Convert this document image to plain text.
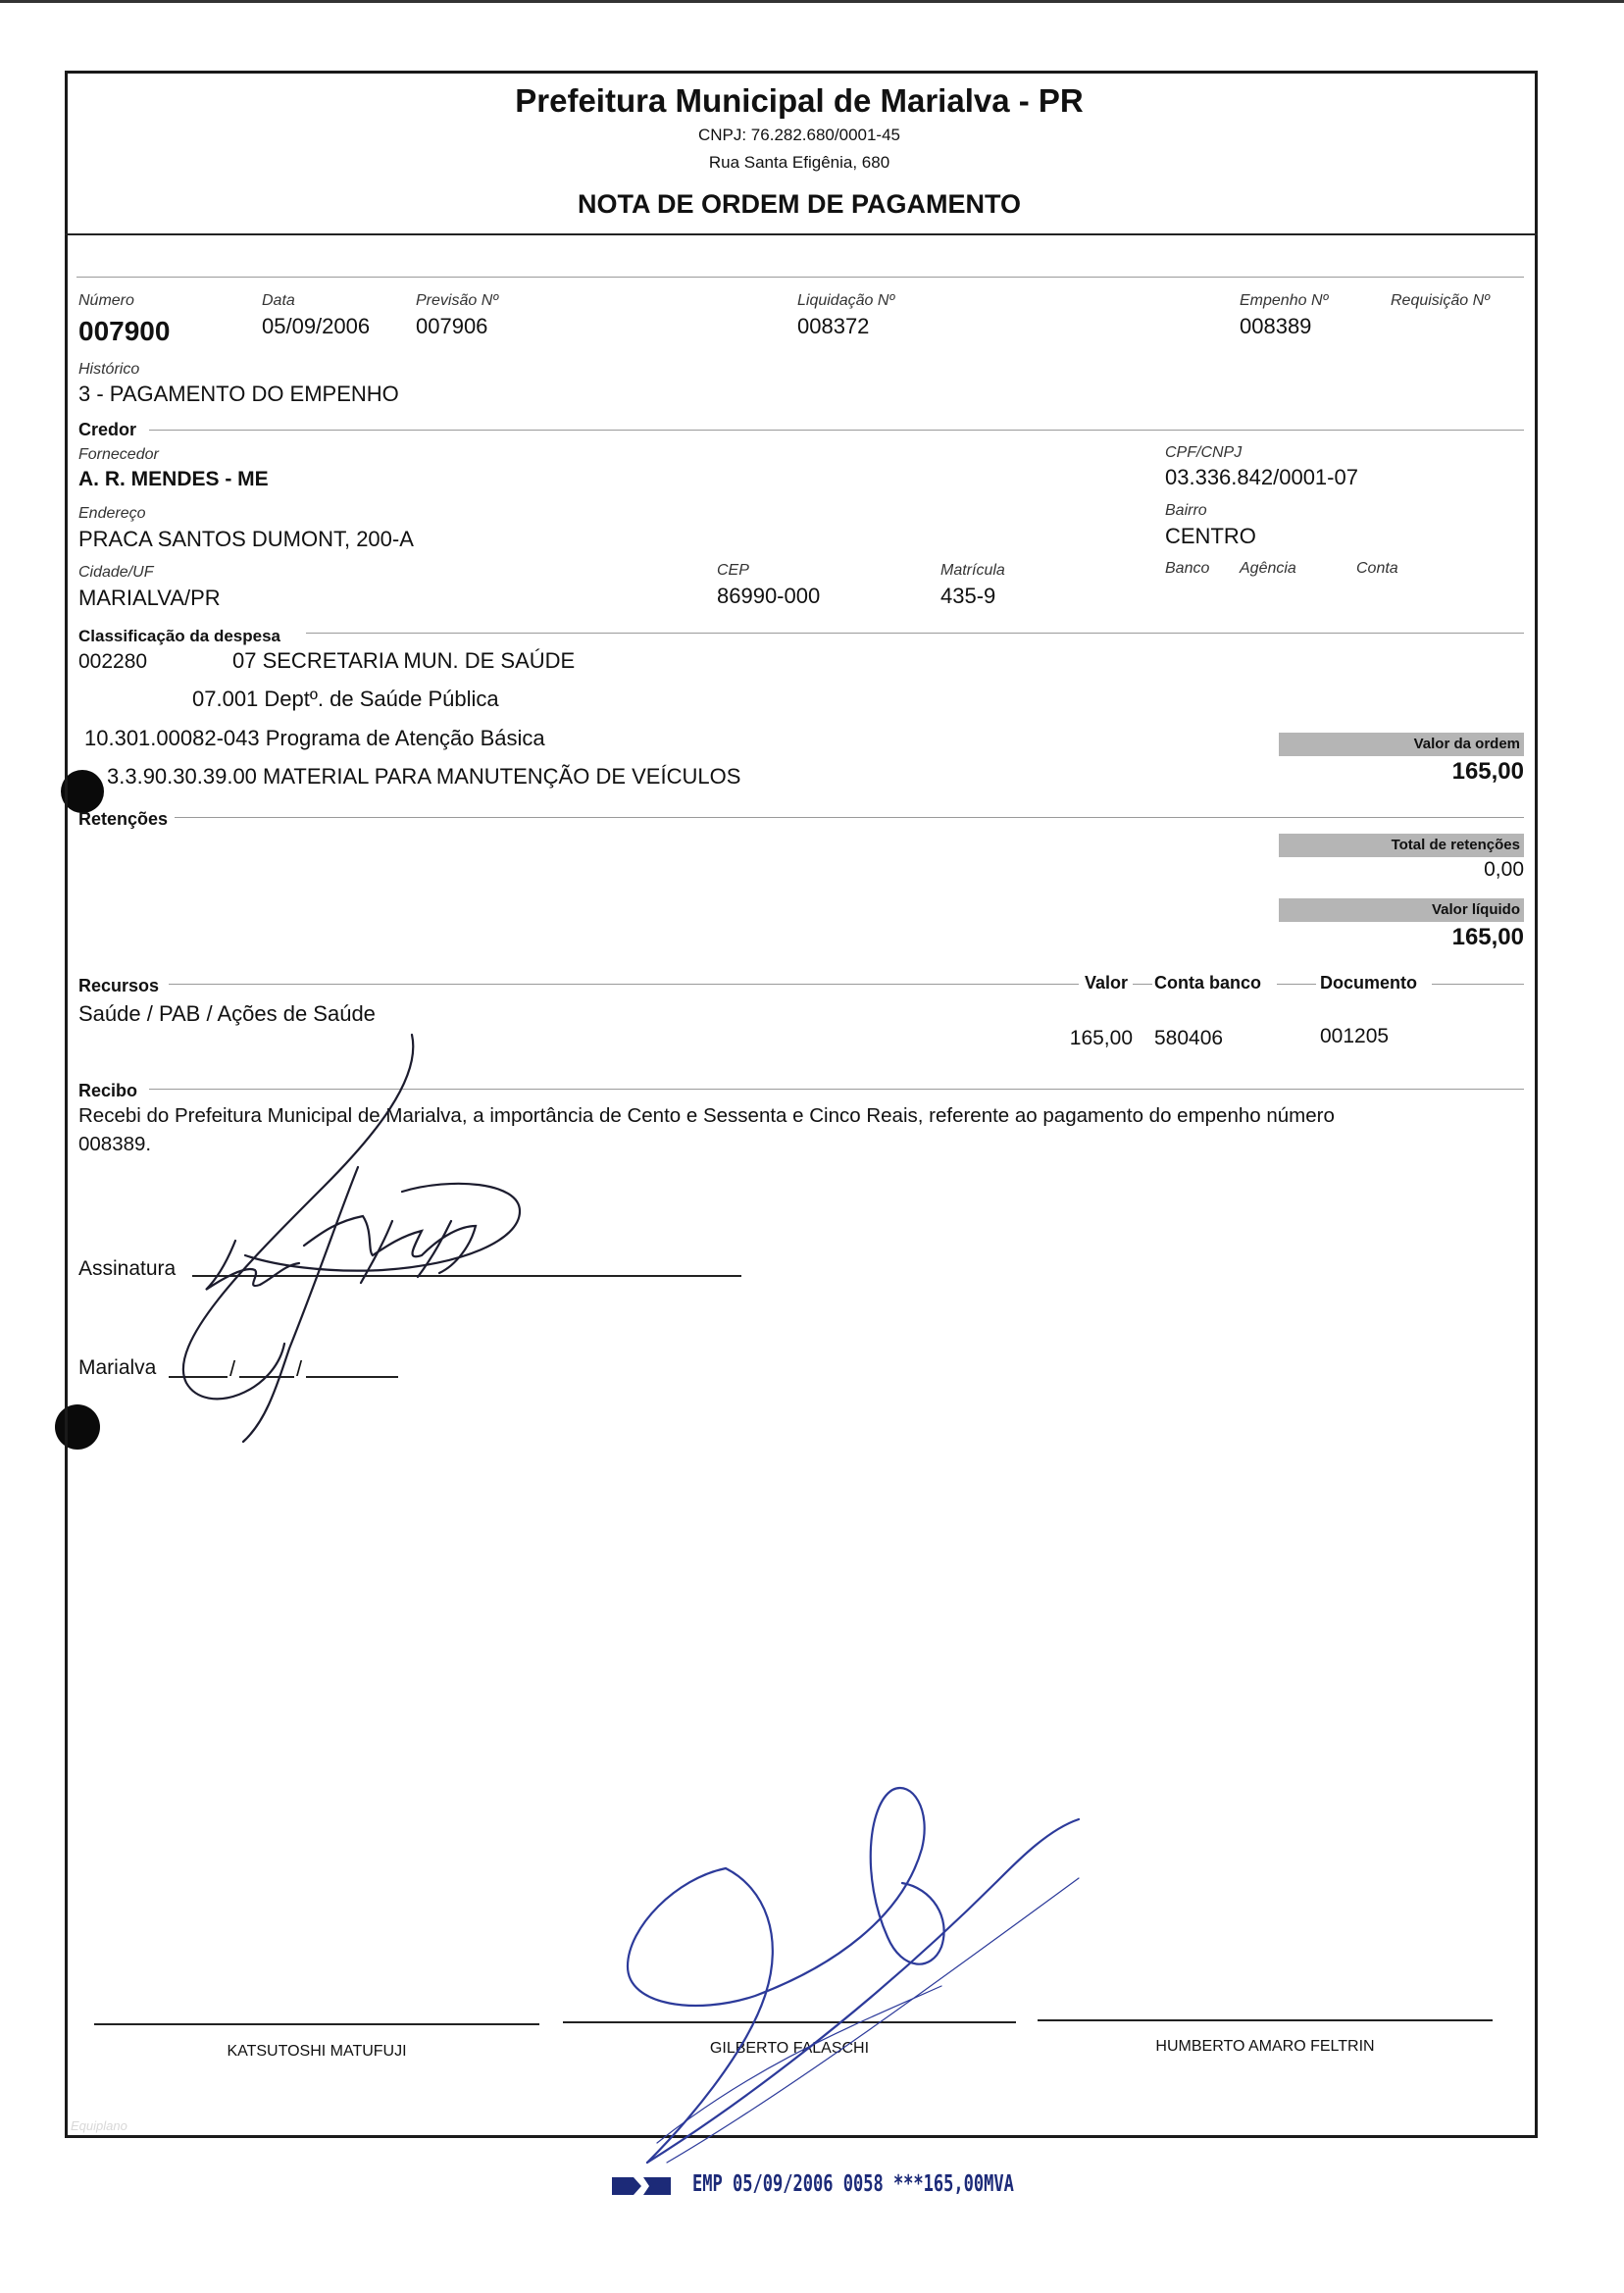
Prefeitura Municipal de Marialva - PR
CNPJ: 76.282.680/0001-45
Rua Santa Efigênia, 680
NOTA DE ORDEM DE PAGAMENTO
Número
007900
Data
05/09/2006
Previsão Nº
007906
Liquidação Nº
008372
Empenho Nº
008389
Requisição Nº
Histórico
3 - PAGAMENTO DO EMPENHO
Credor
Fornecedor
A. R. MENDES - ME
CPF/CNPJ
03.336.842/0001-07
Endereço
PRACA SANTOS DUMONT, 200-A
Bairro
CENTRO
Cidade/UF
MARIALVA/PR
CEP
86990-000
Matrícula
435-9
Banco Agência	Conta
Classificação da despesa
002280	07 SECRETARIA MUN. DE SAÚDE
07.001 Deptº. de Saúde Pública
10.301.00082-043 Programa de Atenção Básica
3.3.90.30.39.00 MATERIAL PARA MANUTENÇÃO DE VEÍCULOS
Valor da ordem
165,00
Retenções
Total de retenções
0,00
Valor líquido
165,00
Recursos	Valor Conta banco	Documento
Saúde / PAB / Ações de Saúde
165,00 580406	001205
Recibo
Recebi do Prefeitura Municipal de Marialva, a importância de Cento e Sessenta e Cinco Reais, referente ao pagamento do empenho número
008389.
Assinatura
Marialva	/	/
KATSUTOSHI MATUFUJI	GILBERTO FALASCHI	HUMBERTO AMARO FELTRIN
Equiplano
EMP 05/09/2006 0058 ***165,00MVA
